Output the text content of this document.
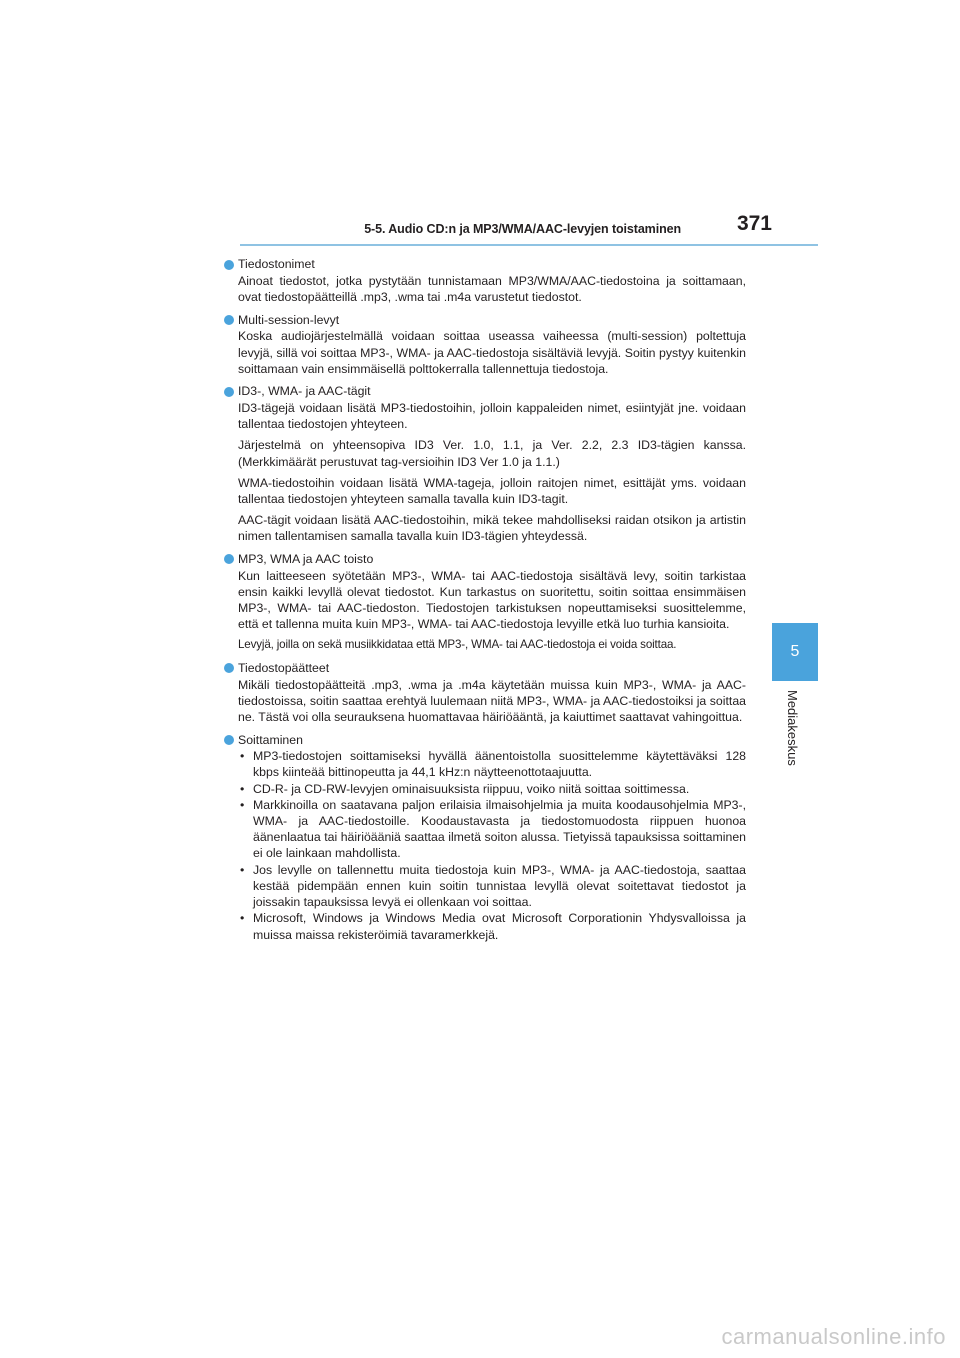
5-5. Audio CD:n ja MP3/WMA/AAC-levyjen toistaminen	371
5
Mediakeskus
Tiedostonimet

Ainoat tiedostot, jotka pystytään tunnistamaan MP3/WMA/AAC-tiedostoina ja soittamaan, ovat tiedostopäätteillä .mp3, .wma tai .m4a varustetut tiedostot.

Multi-session-levyt

Koska audiojärjestelmällä voidaan soittaa useassa vaiheessa (multi-session) poltettuja levyjä, sillä voi soittaa MP3-, WMA- ja AAC-tiedostoja sisältäviä levyjä. Soitin pystyy kuitenkin soittamaan vain ensimmäisellä polttokerralla tallennettuja tiedostoja.

ID3-, WMA- ja AAC-tägit

ID3-tägejä voidaan lisätä MP3-tiedostoihin, jolloin kappaleiden nimet, esiintyjät jne. voidaan tallentaa tiedostojen yhteyteen.

Järjestelmä on yhteensopiva ID3 Ver. 1.0, 1.1, ja Ver. 2.2, 2.3 ID3-tägien kanssa. (Merkkimäärät perustuvat tag-versioihin ID3 Ver 1.0 ja 1.1.)

WMA-tiedostoihin voidaan lisätä WMA-tageja, jolloin raitojen nimet, esittäjät yms. voidaan tallentaa tiedostojen yhteyteen samalla tavalla kuin ID3-tagit.

AAC-tägit voidaan lisätä AAC-tiedostoihin, mikä tekee mahdolliseksi raidan otsikon ja artistin nimen tallentamisen samalla tavalla kuin ID3-tägien yhteydessä.

MP3, WMA ja AAC toisto

Kun laitteeseen syötetään MP3-, WMA- tai AAC-tiedostoja sisältävä levy, soitin tarkistaa ensin kaikki levyllä olevat tiedostot. Kun tarkastus on suoritettu, soitin soittaa ensimmäisen MP3-, WMA- tai AAC-tiedoston. Tiedostojen tarkistuksen nopeuttamiseksi suosittelemme, että et tallenna muita kuin MP3-, WMA- tai AAC-tiedostoja levyille etkä luo turhia kansioita.

Levyjä, joilla on sekä musiikkidataa että MP3-, WMA- tai AAC-tiedostoja ei voida soittaa.

Tiedostopäätteet

Mikäli tiedostopäätteitä .mp3, .wma ja .m4a käytetään muissa kuin MP3-, WMA- ja AAC-tiedostoissa, soitin saattaa erehtyä luulemaan niitä MP3-, WMA- ja AAC-tiedostoiksi ja soittaa ne. Tästä voi olla seurauksena huomattavaa häiriöääntä, ja kaiuttimet saattavat vahingoittua.

Soittaminen
• MP3-tiedostojen soittamiseksi hyvällä äänentoistolla suosittelemme käytettäväksi 128 kbps kiinteää bittinopeutta ja 44,1 kHz:n näytteenottotaajuutta.
• CD-R- ja CD-RW-levyjen ominaisuuksista riippuu, voiko niitä soittaa soittimessa.
• Markkinoilla on saatavana paljon erilaisia ilmaisohjelmia ja muita koodausohjelmia MP3-, WMA- ja AAC-tiedostoille. Koodaustavasta ja tiedostomuodosta riippuen huonoa äänenlaatua tai häiriöääniä saattaa ilmetä soiton alussa. Tietyissä tapauksissa soittaminen ei ole lainkaan mahdollista.
• Jos levylle on tallennettu muita tiedostoja kuin MP3-, WMA- ja AAC-tiedostoja, saattaa kestää pidempään ennen kuin soitin tunnistaa levyllä olevat soitettavat tiedostot ja joissakin tapauksissa levyä ei ollenkaan voi soittaa.
• Microsoft, Windows ja Windows Media ovat Microsoft Corporationin Yhdysvalloissa ja muissa maissa rekisteröimiä tavaramerkkejä.
carmanualsonline.info
